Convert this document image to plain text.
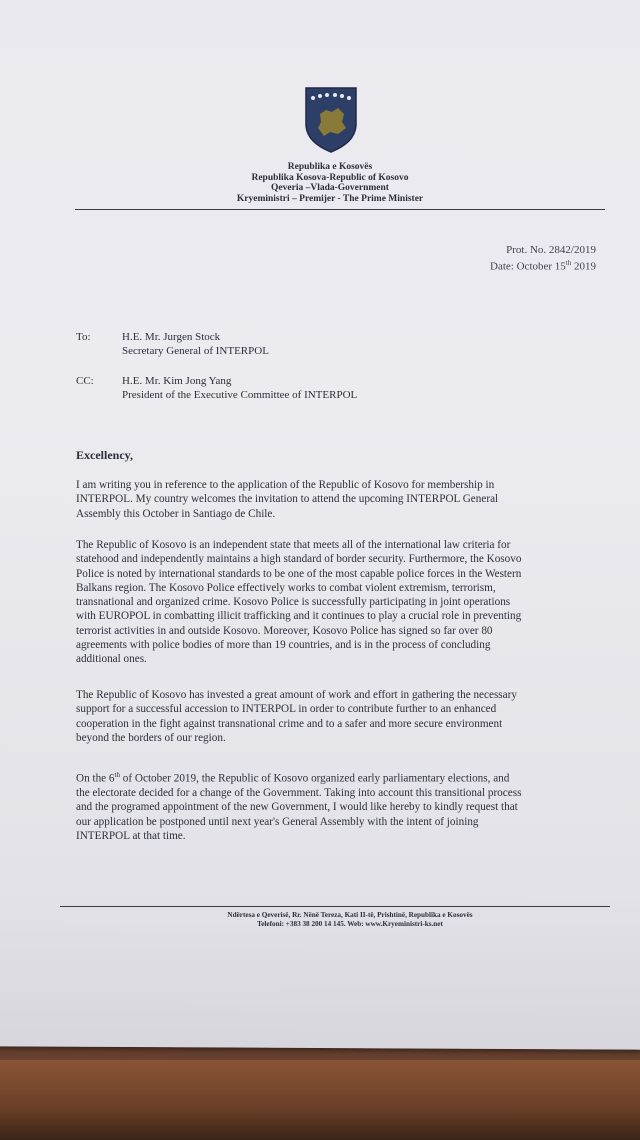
Republika e Kosovës
Republika Kosova-Republic of Kosovo
Qeveria –Vlada-Government
Kryeministri – Premijer - The Prime Minister
Prot. No. 2842/2019
Date: October 15th 2019
To:	H.E. Mr. Jurgen Stock
Secretary General of INTERPOL
CC:	H.E. Mr. Kim Jong Yang
President of the Executive Committee of INTERPOL
Excellency,
I am writing you in reference to the application of the Republic of Kosovo for membership in
INTERPOL. My country welcomes the invitation to attend the upcoming INTERPOL General
Assembly this October in Santiago de Chile.
The Republic of Kosovo is an independent state that meets all of the international law criteria for
statehood and independently maintains a high standard of border security. Furthermore, the Kosovo
Police is noted by international standards to be one of the most capable police forces in the Western
Balkans region. The Kosovo Police effectively works to combat violent extremism, terrorism,
transnational and organized crime. Kosovo Police is successfully participating in joint operations
with EUROPOL in combatting illicit trafficking and it continues to play a crucial role in preventing
terrorist activities in and outside Kosovo. Moreover, Kosovo Police has signed so far over 80
agreements with police bodies of more than 19 countries, and is in the process of concluding
additional ones.
The Republic of Kosovo has invested a great amount of work and effort in gathering the necessary
support for a successful accession to INTERPOL in order to contribute further to an enhanced
cooperation in the fight against transnational crime and to a safer and more secure environment
beyond the borders of our region.
On the 6th of October 2019, the Republic of Kosovo organized early parliamentary elections, and
the electorate decided for a change of the Government. Taking into account this transitional process
and the programed appointment of the new Government, I would like hereby to kindly request that
our application be postponed until next year's General Assembly with the intent of joining
INTERPOL at that time.
Ndërtesa e Qeverisë, Rr. Nënë Tereza, Kati II-të, Prishtinë, Republika e Kosovës
Telefoni: +383 38 200 14 145. Web: www.Kryeministri-ks.net
